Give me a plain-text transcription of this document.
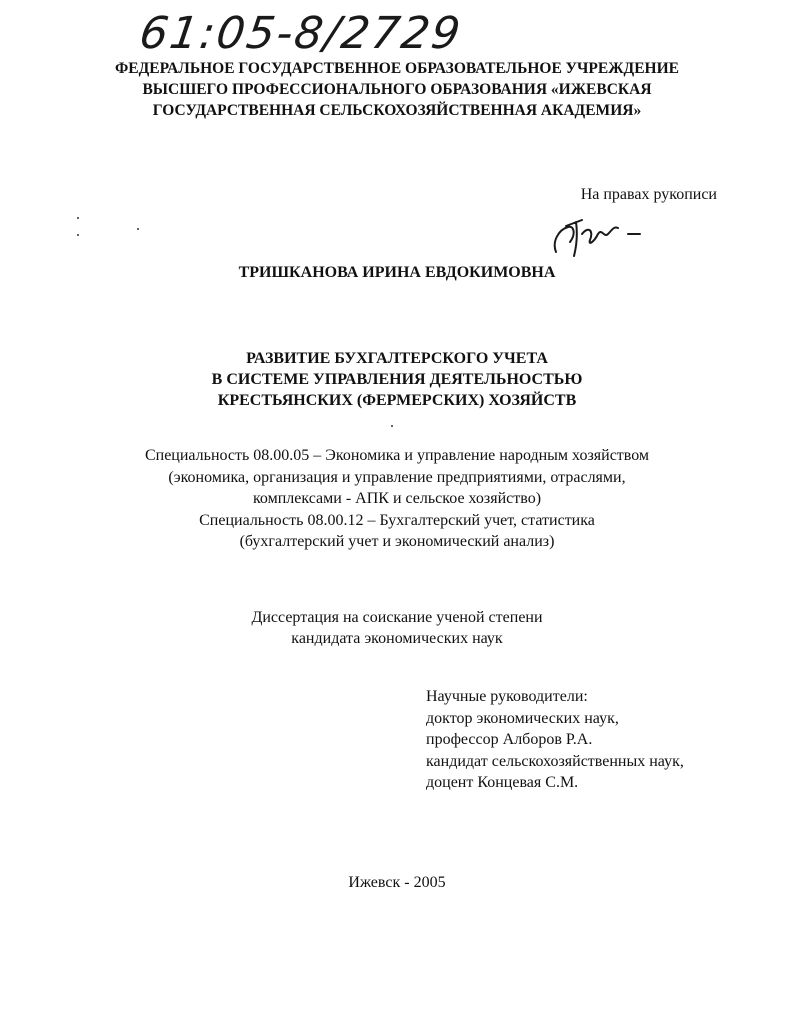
61:05-8/2729
ФЕДЕРАЛЬНОЕ ГОСУДАРСТВЕННОЕ ОБРАЗОВАТЕЛЬНОЕ УЧРЕЖДЕНИЕ
ВЫСШЕГО ПРОФЕССИОНАЛЬНОГО ОБРАЗОВАНИЯ «ИЖЕВСКАЯ
ГОСУДАРСТВЕННАЯ СЕЛЬСКОХОЗЯЙСТВЕННАЯ АКАДЕМИЯ»
На правах рукописи
ТРИШКАНОВА ИРИНА ЕВДОКИМОВНА
РАЗВИТИЕ БУХГАЛТЕРСКОГО УЧЕТА
В СИСТЕМЕ УПРАВЛЕНИЯ ДЕЯТЕЛЬНОСТЬЮ
КРЕСТЬЯНСКИХ (ФЕРМЕРСКИХ) ХОЗЯЙСТВ
Специальность 08.00.05 – Экономика и управление народным хозяйством
(экономика, организация и управление предприятиями, отраслями,
комплексами - АПК и сельское хозяйство)
Специальность 08.00.12 – Бухгалтерский учет, статистика
(бухгалтерский учет и экономический анализ)
Диссертация на соискание ученой степени
кандидата экономических наук
Научные руководители:
доктор экономических наук,
профессор Алборов Р.А.
кандидат сельскохозяйственных наук,
доцент Концевая С.М.
Ижевск - 2005
